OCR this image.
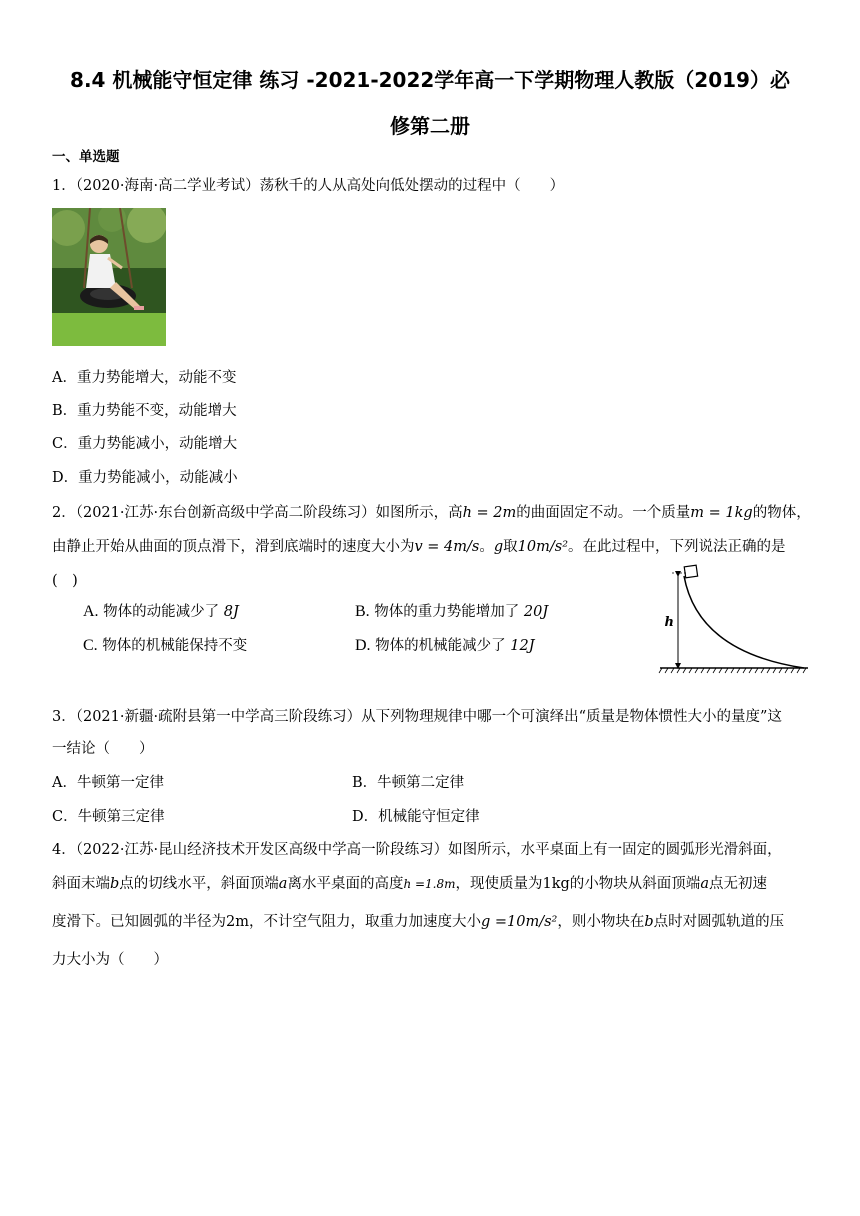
8.4 机械能守恒定律 练习 -2021-2022学年高一下学期物理人教版（2019）必
修第二册
一、单选题
1．（2020·海南·高二学业考试）荡秋千的人从高处向低处摆动的过程中（　　）
A．重力势能增大，动能不变
B．重力势能不变，动能增大
C．重力势能减小，动能增大
D．重力势能减小，动能减小
2．（2021·江苏·东台创新高级中学高二阶段练习）如图所示，高h = 2m的曲面固定不动。一个质量m = 1kg的物体，
由静止开始从曲面的顶点滑下，滑到底端时的速度大小为v = 4m/s。g取10m/s²。在此过程中，下列说法正确的是
(　)
A. 物体的动能减少了 8J	B. 物体的重力势能增加了 20J
C. 物体的机械能保持不变	D. 物体的机械能减少了 12J
h
3．（2021·新疆·疏附县第一中学高三阶段练习）从下列物理规律中哪一个可演绎出“质量是物体惯性大小的量度”这
一结论（　　）
A．牛顿第一定律	B．牛顿第二定律
C．牛顿第三定律	D．机械能守恒定律
4．（2022·江苏·昆山经济技术开发区高级中学高一阶段练习）如图所示，水平桌面上有一固定的圆弧形光滑斜面，
斜面末端b点的切线水平，斜面顶端a离水平桌面的高度h =1.8m，现使质量为1kg的小物块从斜面顶端a点无初速
度滑下。已知圆弧的半径为2m，不计空气阻力，取重力加速度大小g =10m/s²，则小物块在b点时对圆弧轨道的压
力大小为（　　）
